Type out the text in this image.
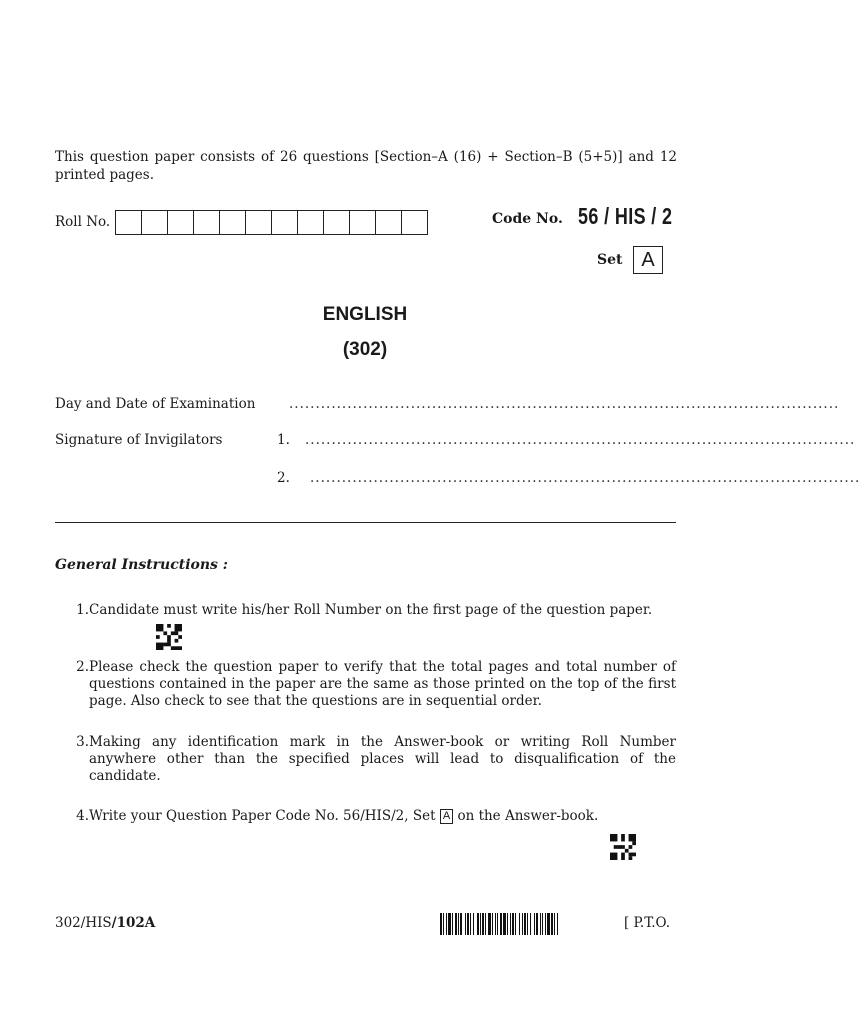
This question paper consists of 26 questions [Section–A (16) + Section–B (5+5)] and 12 printed pages.
Roll No.	Code No. 56 / HIS / 2
Set A
ENGLISH
(302)
Day and Date of Examination ........................................................................................................
Signature of Invigilators	1. ........................................................................................................
2. ........................................................................................................
General Instructions :
1. Candidate must write his/her Roll Number on the first page of the question paper.
2. Please check the question paper to verify that the total pages and total number of questions contained in the paper are the same as those printed on the top of the first page. Also check to see that the questions are in sequential order.
3. Making any identification mark in the Answer-book or writing Roll Number anywhere other than the specified places will lead to disqualification of the candidate.
4. Write your Question Paper Code No. 56/HIS/2, Set A on the Answer-book.
302/HIS/102A	[ P.T.O.
